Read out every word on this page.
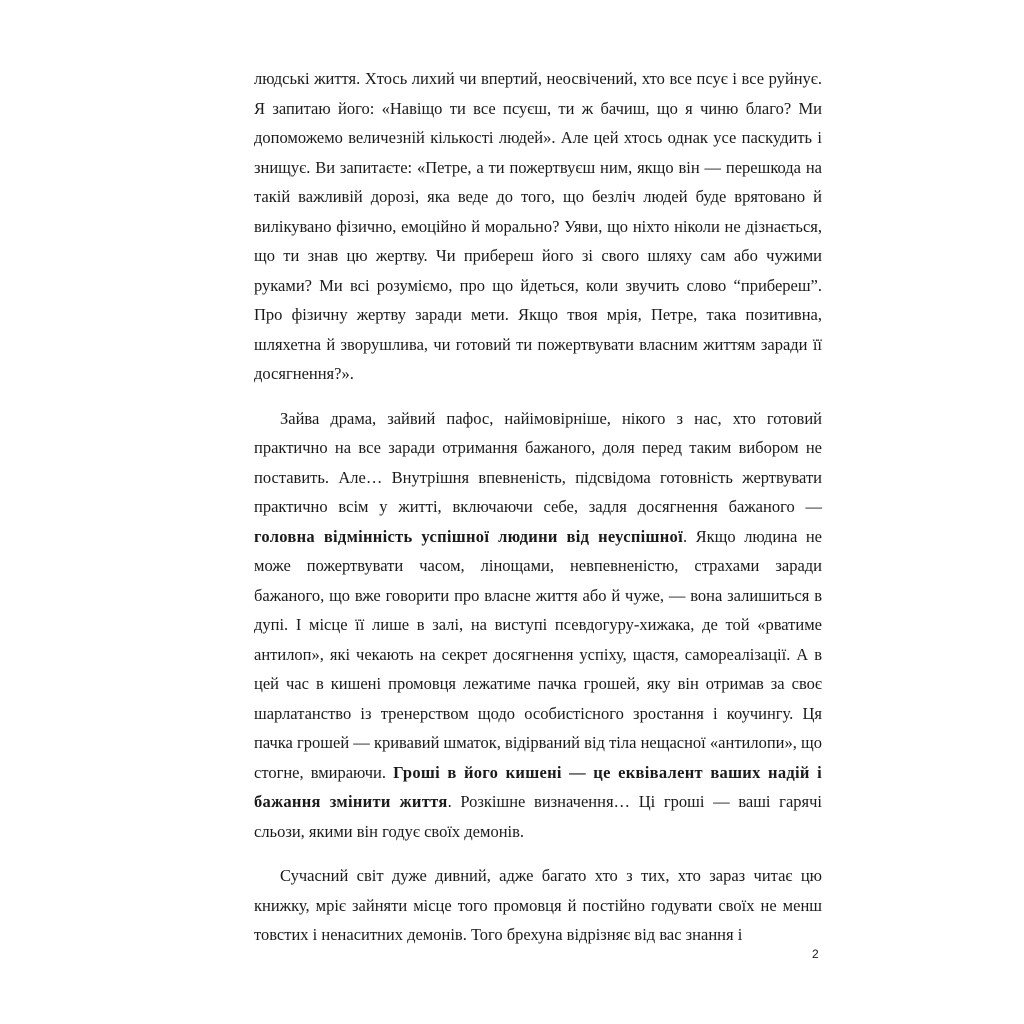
людські життя. Хтось лихий чи впертий, неосвічений, хто все псує і все руйнує. Я запитаю його: «Навіщо ти все псуєш, ти ж бачиш, що я чиню благо? Ми допоможемо величезній кількості людей». Але цей хтось однак усе паскудить і знищує. Ви запитаєте: «Петре, а ти пожертвуєш ним, якщо він — перешкода на такій важливій дорозі, яка веде до того, що безліч людей буде врятовано й вилікувано фізично, емоційно й морально? Уяви, що ніхто ніколи не дізнається, що ти знав цю жертву. Чи прибереш його зі свого шляху сам або чужими руками? Ми всі розуміємо, про що йдеться, коли звучить слово “прибереш”. Про фізичну жертву заради мети. Якщо твоя мрія, Петре, така позитивна, шляхетна й зворушлива, чи готовий ти пожертвувати власним життям заради її досягнення?».

Зайва драма, зайвий пафос, найімовірніше, нікого з нас, хто готовий практично на все заради отримання бажаного, доля перед таким вибором не поставить. Але… Внутрішня впевненість, підсвідома готовність жертвувати практично всім у житті, включаючи себе, задля досягнення бажаного — головна відмінність успішної людини від неуспішної. Якщо людина не може пожертвувати часом, лінощами, невпевненістю, страхами заради бажаного, що вже говорити про власне життя або й чуже, — вона залишиться в дупі. І місце її лише в залі, на виступі псевдогуру-хижака, де той «рватиме антилоп», які чекають на секрет досягнення успіху, щастя, самореалізації. А в цей час в кишені промовця лежатиме пачка грошей, яку він отримав за своє шарлатанство із тренерством щодо особистісного зростання і коучингу. Ця пачка грошей — кривавий шматок, відірваний від тіла нещасної «антилопи», що стогне, вмираючи. Гроші в його кишені — це еквівалент ваших надій і бажання змінити життя. Розкішне визначення… Ці гроші — ваші гарячі сльози, якими він годує своїх демонів.

Сучасний світ дуже дивний, адже багато хто з тих, хто зараз читає цю книжку, мріє зайняти місце того промовця й постійно годувати своїх не менш товстих і ненаситних демонів. Того брехуна відрізняє від вас знання і

2
